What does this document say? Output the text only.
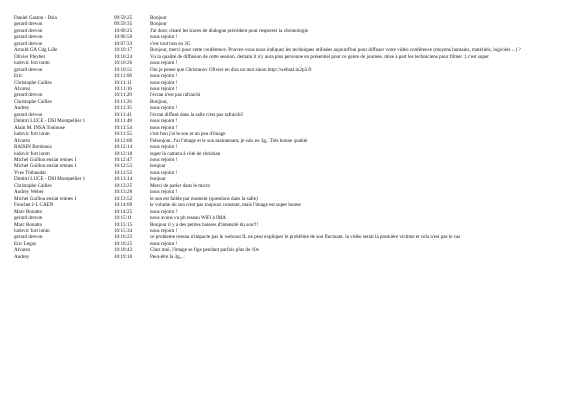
Daniel Gaston - Dsia	09:59:25	Bonjour
gerard drevon	09:59:35	Bonjour
gerard drevon	10:00:25	J'ai donc clearé les traces de dialogue précédent pour respecter la chronologie
gerard drevon	10:06:50	nous rejoint !
gerard drevon	10:07:33	c'est tout bon en 3G
Arnold GA Cdg Lille	10:10:17	Bonjour, merci pour cette conférence. Pouvez-vous nous indiquez les techniques utilisées aujourd'hui pour diffuser votre vidéo conférence (moyens humains, matériels, logiciels ...) ?
Olivier Pleybet	10:10:24	Vu la qualité de diffusion de cette session, demain il n'y aura plus personne en présentiel pour ce genre de journée, mise à part les techniciens pour filmer :) c'est super
ludovic fort ionm	10:10:26	nous rejoint !
gerard drevon	10:10:51	Oui je pense que Christanov Olivier en dira un mot sinon http://webast.in2p3.fr
Eric	10:11:08	nous rejoint !
Christophe Cailles	10:11:11	nous rejoint !
Alvarez	10:11:16	nous rejoint !
gerard drevon	10:11:20	l'écran n'est pas rafraichi
Christophe Cailles	10:11:26	Bonjour,
Audrey	10:11:35	nous rejoint !
gerard drevon	10:11:41	l'écran diffusé dans la salle n'est pas rafraichi!
Dimitri LUCE - DSI Montpellier 1	10:11:48	nous rejoint !
Alain M. INSA Toulouse	10:11:54	nous rejoint !
ludovic fort ionm	10:11:55	c'est bon j'ai le son et un peu d'image
Alvarez	10:12:06	Febonjour, J'ai l'image et le son maintenant, je suis en 3g,. Très bonne qualité
RAISIN Bordeaux	10:12:14	nous rejoint !
ludovic fort ionm	10:12:18	super la camera à côté de christian
Michel Guillou ensiat rennes 1	10:12:47	nous rejoint !
Michel Guillou ensiat rennes 1	10:12:53	bonjour
Yves Thibaudat	10:12:55	nous rejoint !
Dimitri LUCE - DSI Montpellier 1	10:13:14	bonjour
Christophe Cailles	10:13:25	Merci de parler dans le micro
Audrey Weber	10:13:28	nous rejoint !
Michel Guillou ensiat rennes 1	10:13:52	le son est faible par moment (questions dans la salle)
Fouchet J-L CAEN	10:14:09	le volume du son n'est pas toujours constant, mais l'image est super bonne
Marc Bonatto	10:14:25	nous rejoint !
gerard drevon	10:15:11	nous avons vu pb reseau WiFi à IMA
Marc Bonatto	10:15:15	Bonjour il y a des petites baisses d'intensité du son!!!
ludovic fort ionm	10:15:34	nous rejoint !
gerard drevon	10:16:22	ce probleme reseau n'impacte pas le webcast IL ne peut expliquer le problème de son fluctuant. la vidéo serait la première victime et cela n'est pas le cas
Eric Legay	10:18:25	nous rejoint !
Alvarez	10:18:43	Chez moi, l'image se fige pendant parfois plus de 10s
Audrey	10:19:18	Peut-être la 3g,...
